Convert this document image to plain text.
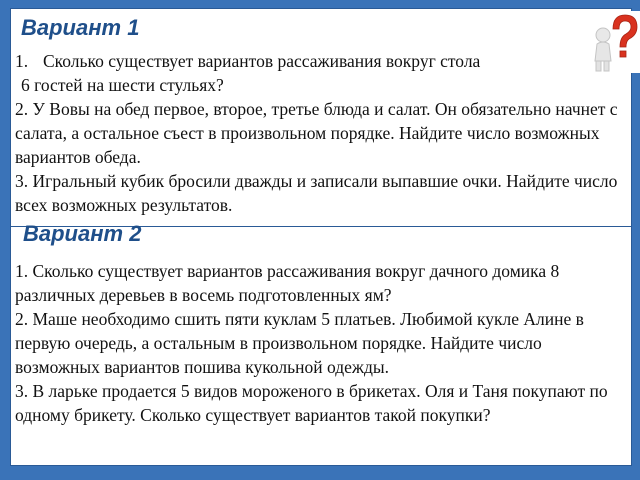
Вариант 1

1. Сколько существует вариантов рассаживания вокруг стола
6 гостей на шести стульях?

2. У Вовы на обед первое, второе, третье блюда и салат. Он обязательно начнет с салата, а остальное съест в произвольном порядке. Найдите число возможных вариантов обеда.

3. Игральный кубик бросили дважды и записали выпавшие очки. Найдите число всех возможных результатов.

Вариант 2

1. Сколько существует вариантов рассаживания вокруг дачного домика 8 различных деревьев в восемь подготовленных ям?

2. Маше необходимо сшить пяти куклам 5 платьев. Любимой кукле Алине в первую очередь, а остальным в произвольном порядке. Найдите число возможных вариантов пошива кукольной одежды.

3. В ларьке продается 5 видов мороженого в брикетах. Оля и Таня покупают по одному брикету. Сколько существует вариантов такой покупки?
